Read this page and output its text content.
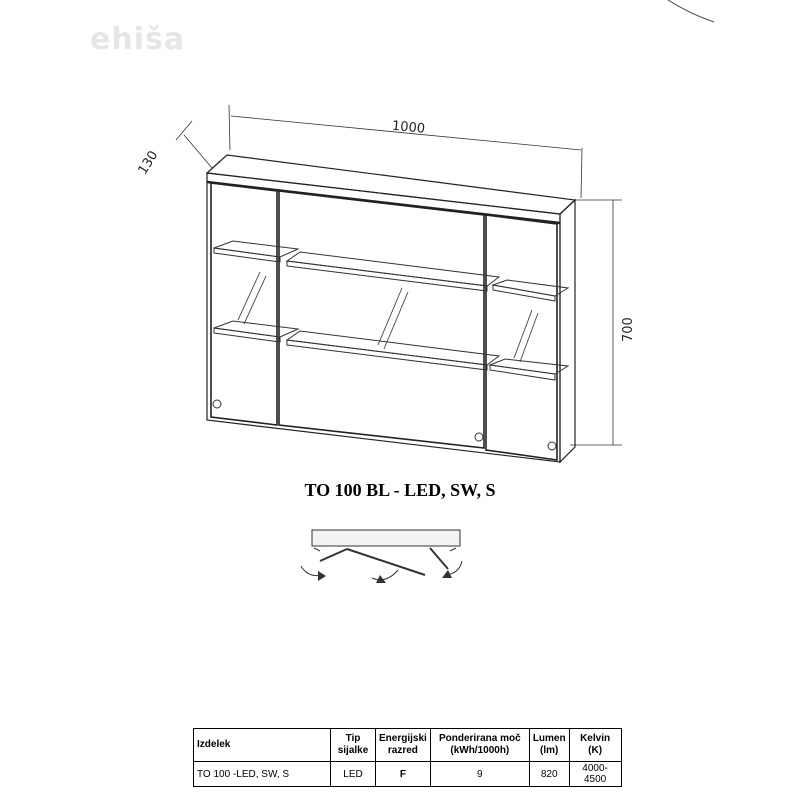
ehiša
1000
130
700
TO 100 BL - LED, SW, S
Izdelek	Tip sijalke	Energijski razred	Ponderirana moč (kWh/1000h)	Lumen (lm)	Kelvin (K)
TO 100 -LED, SW, S	LED	F	9	820	4000-4500
